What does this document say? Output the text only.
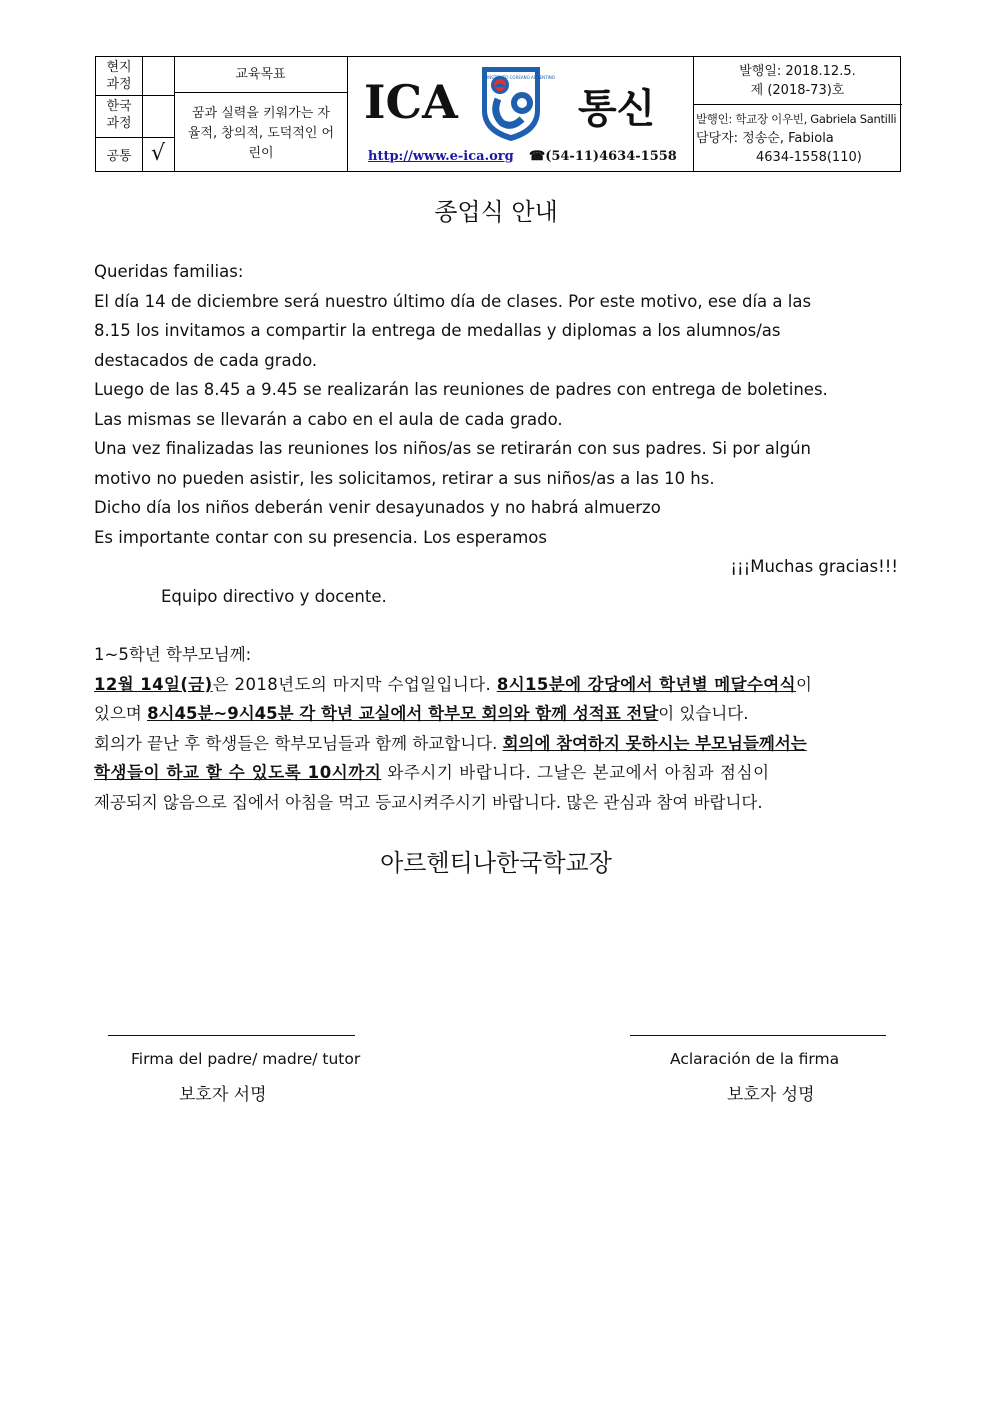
현지 과정
한국 과정
공통 √
교육목표
꿈과 실력을 키워가는 자율적, 창의적, 도덕적인 어린이
ICA	INSTITUTO COREANO ARGENTINO
통신
http://www.e-ica.org ☎(54-11)4634-1558
발행일: 2018.12.5.
제 (2018-73)호
발행인: 학교장 이우빈, Gabriela Santilli
담당자: 정송순, Fabiola
4634-1558(110)
종업식 안내

Queridas familias:

El día 14 de diciembre será nuestro último día de clases. Por este motivo, ese día a las

8.15 los invitamos a compartir la entrega de medallas y diplomas a los alumnos/as

destacados de cada grado.

Luego de las 8.45 a 9.45 se realizarán las reuniones de padres con entrega de boletines.

Las mismas se llevarán a cabo en el aula de cada grado.

Una vez finalizadas las reuniones los niños/as se retirarán con sus padres. Si por algún

motivo no pueden asistir, les solicitamos, retirar a sus niños/as a las 10 hs.

Dicho día los niños deberán venir desayunados y no habrá almuerzo

Es importante contar con su presencia. Los esperamos

¡¡¡Muchas gracias!!!

Equipo directivo y docente.

1~5학년 학부모님께:

12월 14일(금)은 2018년도의 마지막 수업일입니다. 8시15분에 강당에서 학년별 메달수여식이

있으며 8시45분~9시45분 각 학년 교실에서 학부모 회의와 함께 성적표 전달이 있습니다.

회의가 끝난 후 학생들은 학부모님들과 함께 하교합니다. 회의에 참여하지 못하시는 부모님들께서는

학생들이 하교 할 수 있도록 10시까지 와주시기 바랍니다. 그날은 본교에서 아침과 점심이

제공되지 않음으로 집에서 아침을 먹고 등교시켜주시기 바랍니다. 많은 관심과 참여 바랍니다.

아르헨티나한국학교장
Firma del padre/ madre/ tutor
보호자 서명
Aclaración de la firma
보호자 성명
